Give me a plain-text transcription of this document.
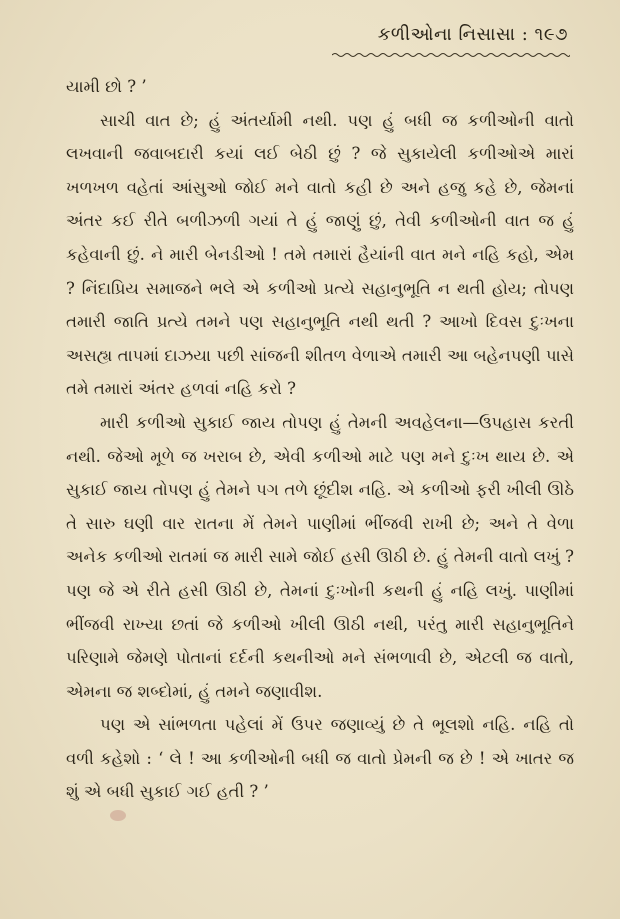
કળીઓના નિસાસા : ૧૯૭

યામી છો ? ’

સાચી વાત છે; હું અંતર્યામી નથી. પણ હું બધી જ કળીઓની વાતો લખવાની જવાબદારી કયાં લઈ બેઠી છું ? જે સુકાયેલી કળીઓએ મારાં ખળખળ વહેતાં આંસુઓ જોઈ મને વાતો કહી છે અને હજુ કહે છે, જેમનાં અંતર કઈ રીતે બળીઝળી ગયાં તે હું જાણું છું, તેવી કળીઓની વાત જ હું કહેવાની છું. ને મારી બેનડીઓ ! તમે તમારાં હૈયાંની વાત મને નહિ કહો, એમ ? નિંદાપ્રિય સમાજને ભલે એ કળીઓ પ્રત્યે સહાનુભૂતિ ન થતી હોય; તોપણ તમારી જાતિ પ્રત્યે તમને પણ સહાનુભૂતિ નથી થતી ? આખો દિવસ દુઃખના અસહ્ય તાપમાં દાઝયા પછી સાંજની શીતળ વેળાએ તમારી આ બહેનપણી પાસે તમે તમારાં અંતર હળવાં નહિ કરો ?

મારી કળીઓ સુકાઈ જાય તોપણ હું તેમની અવહેલના—ઉપહાસ કરતી નથી. જેઓ મૂળે જ ખરાબ છે, એવી કળીઓ માટે પણ મને દુઃખ થાય છે. એ સુકાઈ જાય તોપણ હું તેમને પગ તળે છૂંદીશ નહિ. એ કળીઓ ફરી ખીલી ઊઠે તે સારુ ઘણી વાર રાતના મેં તેમને પાણીમાં ભીંજવી રાખી છે; અને તે વેળા અનેક કળીઓ રાતમાં જ મારી સામે જોઈ હસી ઊઠી છે. હું તેમની વાતો લખું ? પણ જે એ રીતે હસી ઊઠી છે, તેમનાં દુઃખોની કથની હું નહિ લખું. પાણીમાં ભીંજવી રાખ્યા છતાં જે કળીઓ ખીલી ઊઠી નથી, પરંતુ મારી સહાનુભૂતિને પરિણામે જેમણે પોતાનાં દર્દની કથનીઓ મને સંભળાવી છે, એટલી જ વાતો, એમના જ શબ્દોમાં, હું તમને જણાવીશ.

પણ એ સાંભળતા પહેલાં મેં ઉપર જણાવ્યું છે તે ભૂલશો નહિ. નહિ તો વળી કહેશો : ‘ લે ! આ કળીઓની બધી જ વાતો પ્રેમની જ છે ! એ ખાતર જ શું એ બધી સુકાઈ ગઈ હતી ? ’
